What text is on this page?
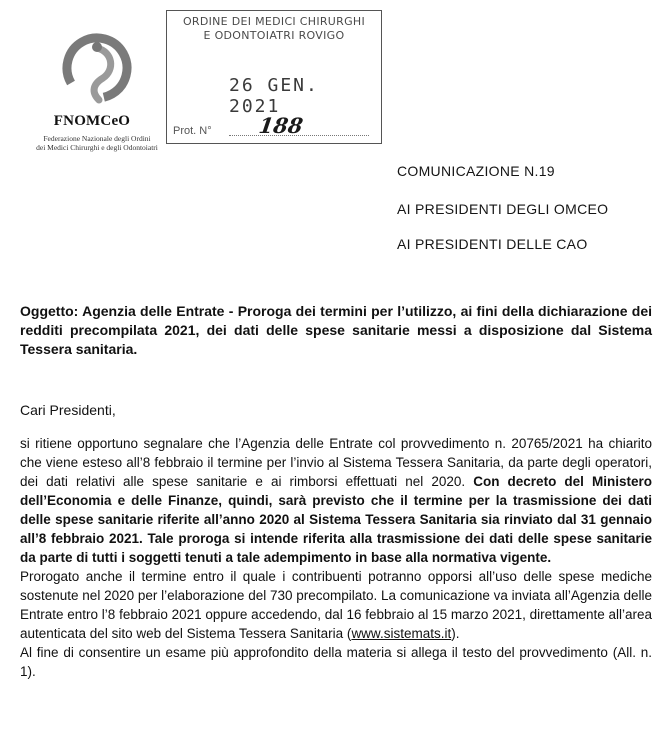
FNOMCeO
Federazione Nazionale degli Ordini
dei Medici Chirurghi e degli Odontoiatri
ORDINE DEI MEDICI CHIRURGHI
E ODONTOIATRI ROVIGO
26 GEN. 2021
Prot. N° 188
COMUNICAZIONE N.19
AI PRESIDENTI DEGLI OMCEO
AI PRESIDENTI DELLE CAO
Oggetto: Agenzia delle Entrate - Proroga dei termini per l’utilizzo, ai fini della dichiarazione dei redditi precompilata 2021, dei dati delle spese sanitarie messi a disposizione dal Sistema Tessera sanitaria.
Cari Presidenti,

si ritiene opportuno segnalare che l’Agenzia delle Entrate col provvedimento n. 20765/2021 ha chiarito che viene esteso all’8 febbraio il termine per l’invio al Sistema Tessera Sanitaria, da parte degli operatori, dei dati relativi alle spese sanitarie e ai rimborsi effettuati nel 2020. Con decreto del Ministero dell’Economia e delle Finanze, quindi, sarà previsto che il termine per la trasmissione dei dati delle spese sanitarie riferite all’anno 2020 al Sistema Tessera Sanitaria sia rinviato dal 31 gennaio all’8 febbraio 2021. Tale proroga si intende riferita alla trasmissione dei dati delle spese sanitarie da parte di tutti i soggetti tenuti a tale adempimento in base alla normativa vigente.

Prorogato anche il termine entro il quale i contribuenti potranno opporsi all’uso delle spese mediche sostenute nel 2020 per l’elaborazione del 730 precompilato. La comunicazione va inviata all’Agenzia delle Entrate entro l’8 febbraio 2021 oppure accedendo, dal 16 febbraio al 15 marzo 2021, direttamente all’area autenticata del sito web del Sistema Tessera Sanitaria (www.sistemats.it).

Al fine di consentire un esame più approfondito della materia si allega il testo del provvedimento (All. n. 1).
